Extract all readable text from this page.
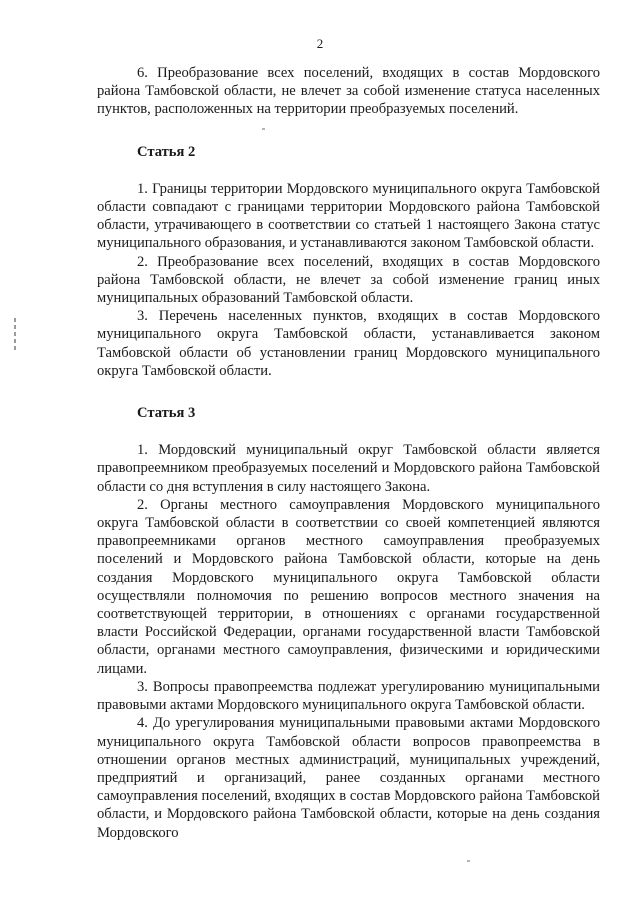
2

6. Преобразование всех поселений, входящих в состав Мордовского района Тамбовской области, не влечет за собой изменение статуса населенных пунктов, расположенных на территории преобразуемых поселений.

Статья 2

1. Границы территории Мордовского муниципального округа Тамбовской области совпадают с границами территории Мордовского района Тамбовской области, утрачивающего в соответствии со статьей 1 настоящего Закона статус муниципального образования, и устанавливаются законом Тамбовской области.

2. Преобразование всех поселений, входящих в состав Мордовского района Тамбовской области, не влечет за собой изменение границ иных муниципальных образований Тамбовской области.

3. Перечень населенных пунктов, входящих в состав Мордовского муниципального округа Тамбовской области, устанавливается законом Тамбовской области об установлении границ Мордовского муниципального округа Тамбовской области.

Статья 3

1. Мордовский муниципальный округ Тамбовской области является правопреемником преобразуемых поселений и Мордовского района Тамбовской области со дня вступления в силу настоящего Закона.

2. Органы местного самоуправления Мордовского муниципального округа Тамбовской области в соответствии со своей компетенцией являются правопреемниками органов местного самоуправления преобразуемых поселений и Мордовского района Тамбовской области, которые на день создания Мордовского муниципального округа Тамбовской области осуществляли полномочия по решению вопросов местного значения на соответствующей территории, в отношениях с органами государственной власти Российской Федерации, органами государственной власти Тамбовской области, органами местного самоуправления, физическими и юридическими лицами.

3. Вопросы правопреемства подлежат урегулированию муниципальными правовыми актами Мордовского муниципального округа Тамбовской области.

4. До урегулирования муниципальными правовыми актами Мордовского муниципального округа Тамбовской области вопросов правопреемства в отношении органов местных администраций, муниципальных учреждений, предприятий и организаций, ранее созданных органами местного самоуправления поселений, входящих в состав Мордовского района Тамбовской области, и Мордовского района Тамбовской области, которые на день создания Мордовского
